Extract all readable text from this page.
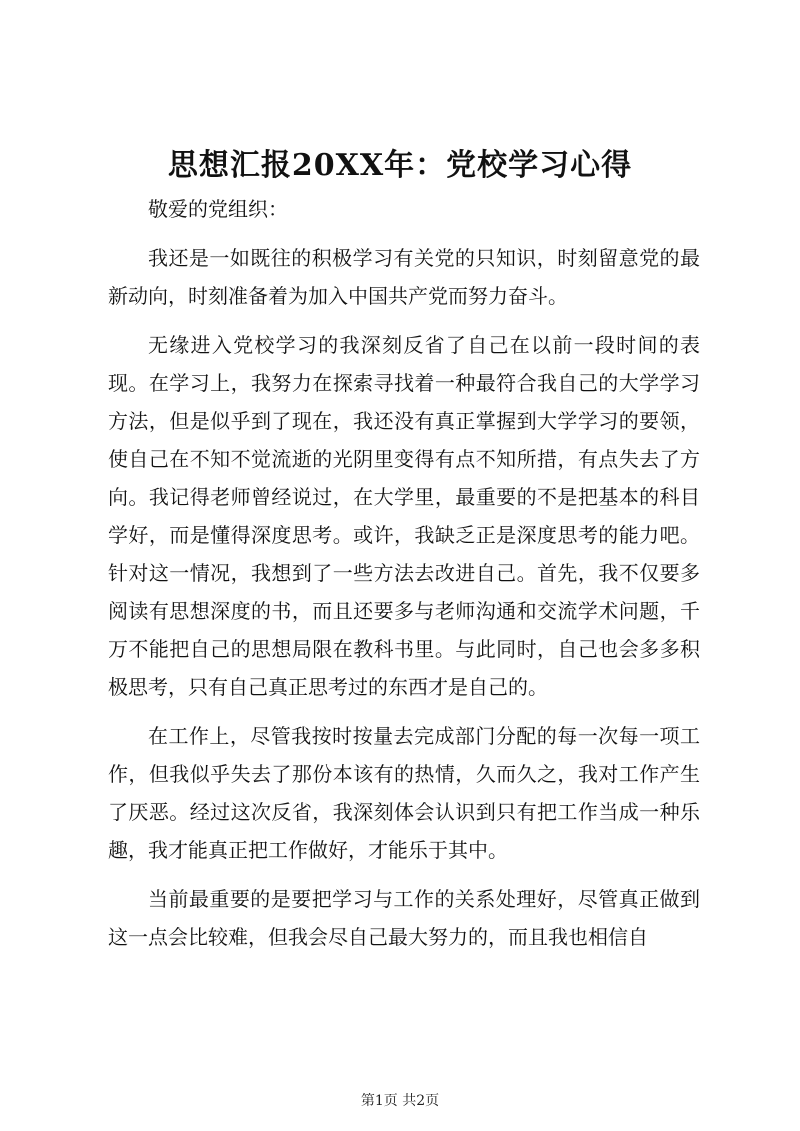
思想汇报20XX年：党校学习心得

敬爱的党组织：

我还是一如既往的积极学习有关党的只知识，时刻留意党的最新动向，时刻准备着为加入中国共产党而努力奋斗。

无缘进入党校学习的我深刻反省了自己在以前一段时间的表现。在学习上，我努力在探索寻找着一种最符合我自己的大学学习方法，但是似乎到了现在，我还没有真正掌握到大学学习的要领，使自己在不知不觉流逝的光阴里变得有点不知所措，有点失去了方向。我记得老师曾经说过，在大学里，最重要的不是把基本的科目学好，而是懂得深度思考。或许，我缺乏正是深度思考的能力吧。针对这一情况，我想到了一些方法去改进自己。首先，我不仅要多阅读有思想深度的书，而且还要多与老师沟通和交流学术问题，千万不能把自己的思想局限在教科书里。与此同时，自己也会多多积极思考，只有自己真正思考过的东西才是自己的。

在工作上，尽管我按时按量去完成部门分配的每一次每一项工作，但我似乎失去了那份本该有的热情，久而久之，我对工作产生了厌恶。经过这次反省，我深刻体会认识到只有把工作当成一种乐趣，我才能真正把工作做好，才能乐于其中。

当前最重要的是要把学习与工作的关系处理好，尽管真正做到这一点会比较难，但我会尽自己最大努力的，而且我也相信自

第1页 共2页
